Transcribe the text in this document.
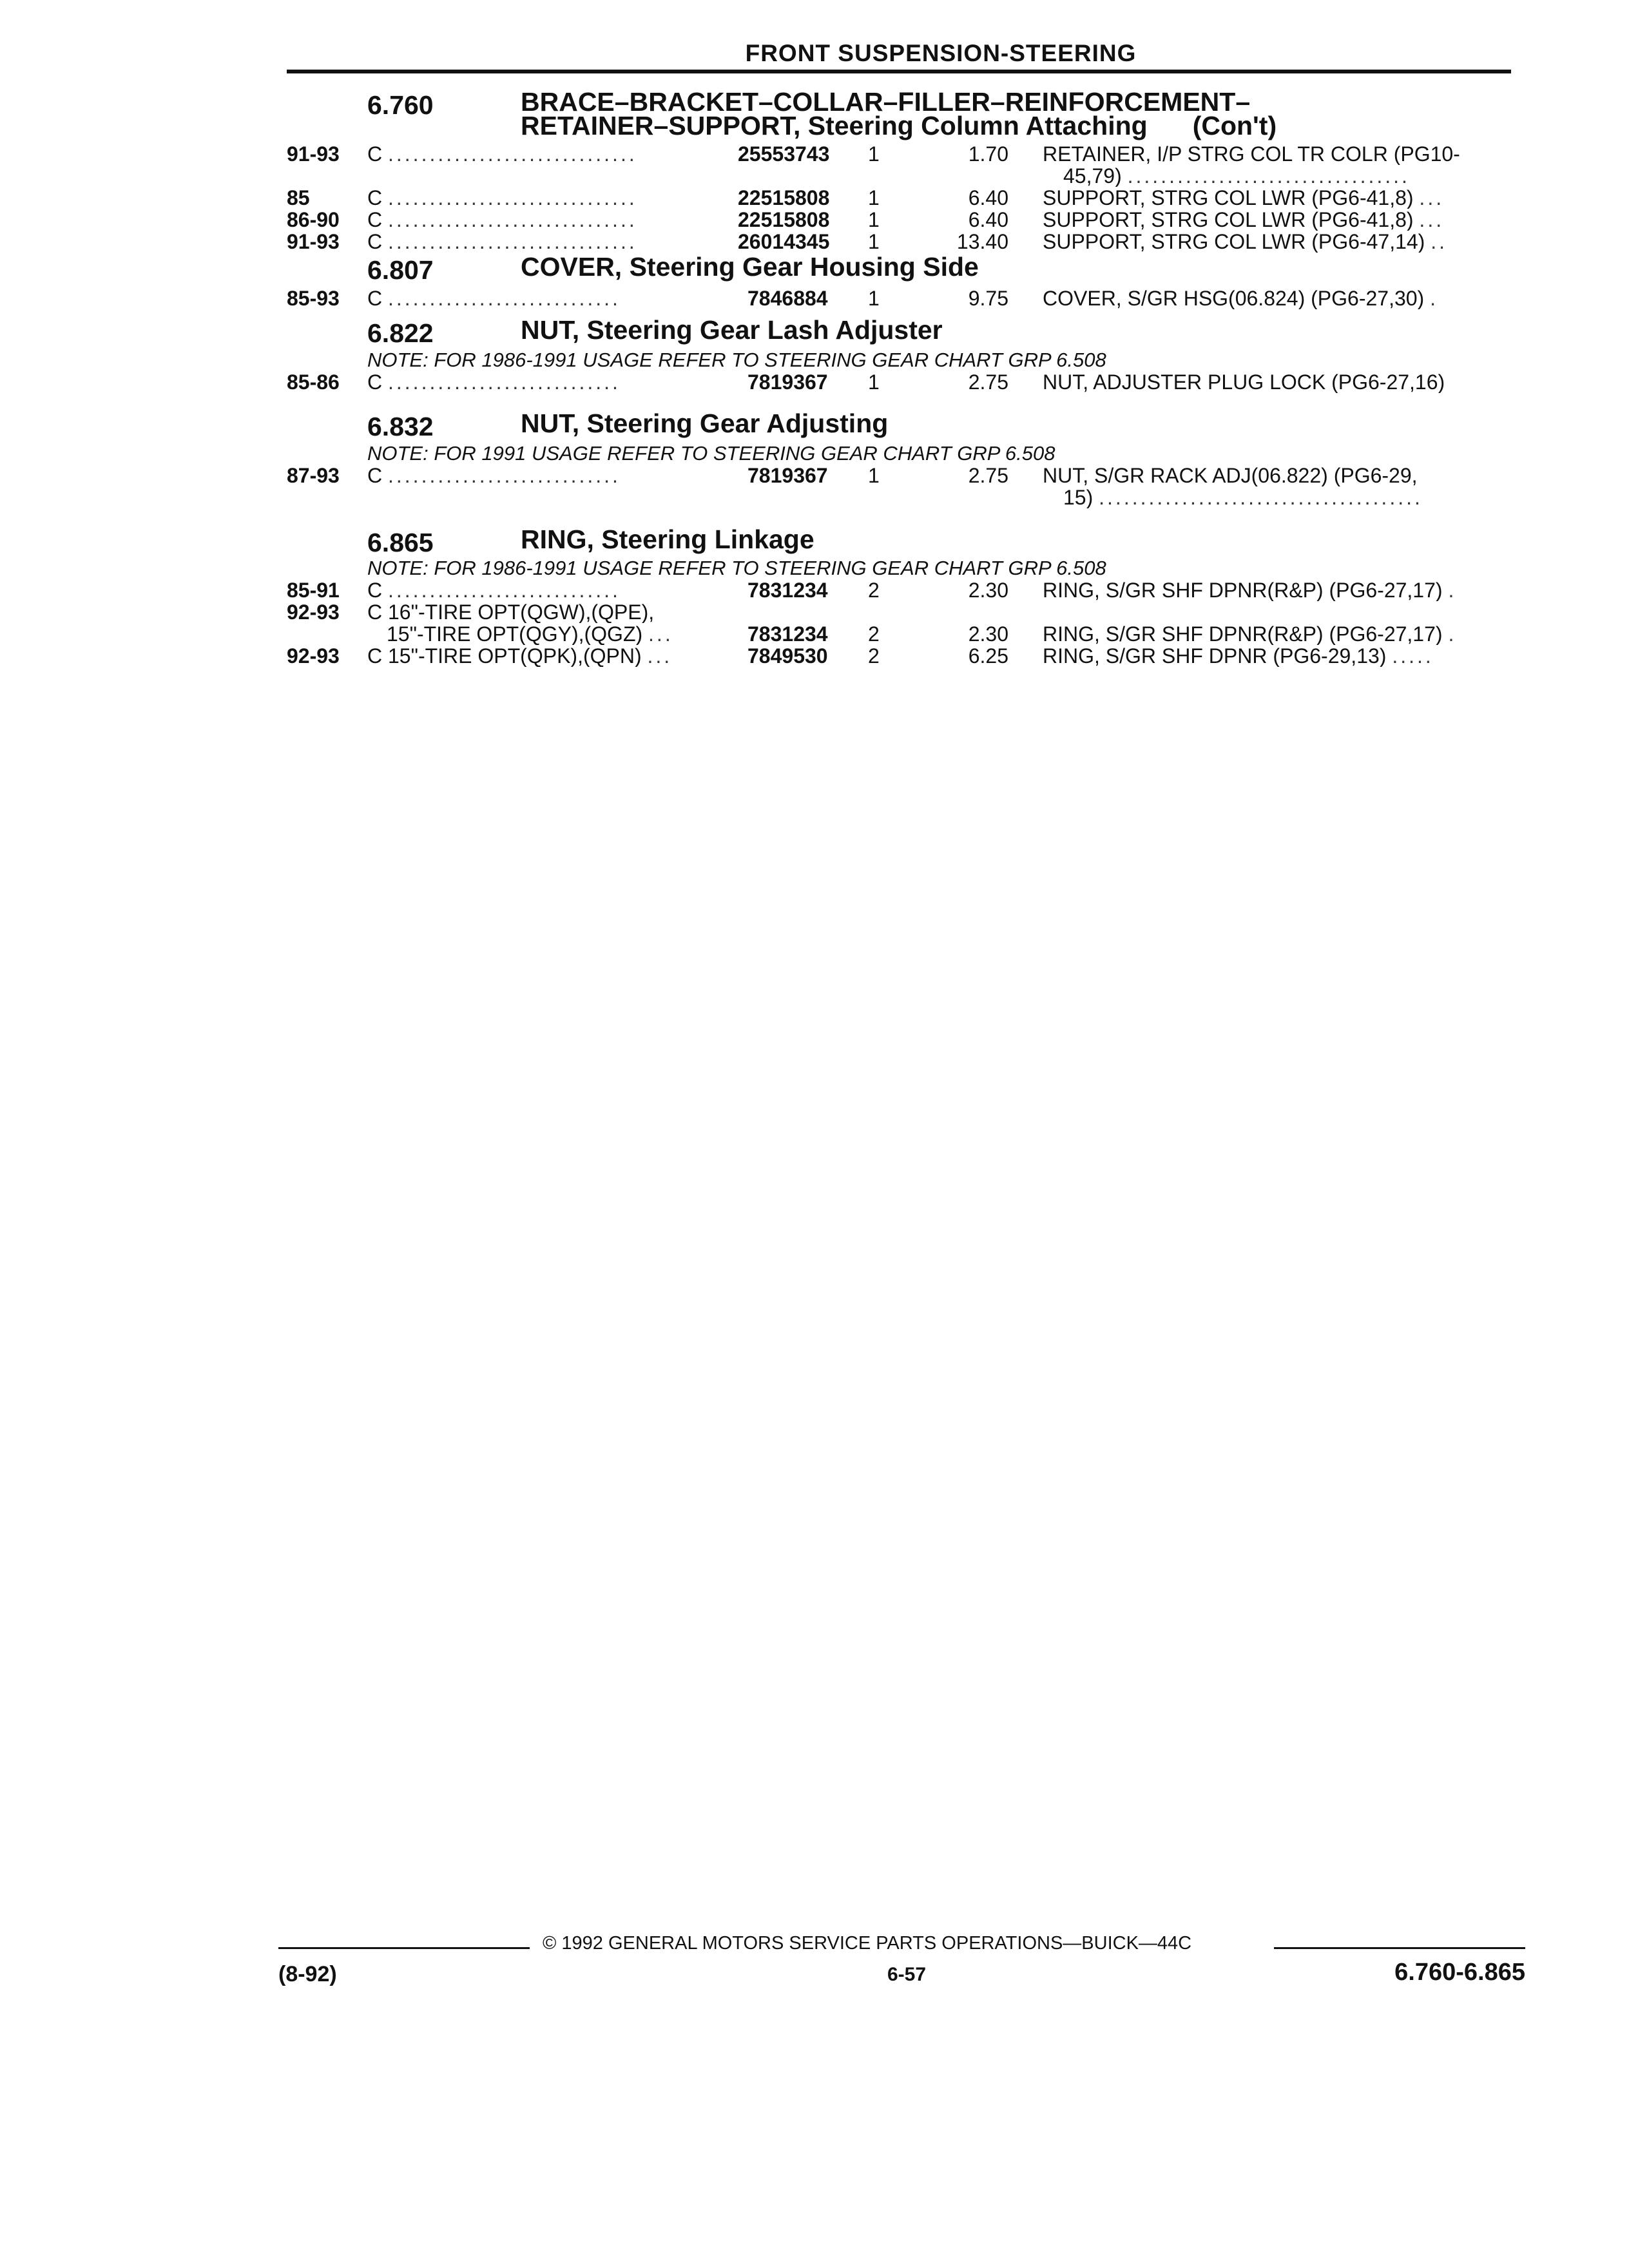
FRONT SUSPENSION-STEERING
6.760	BRACE–BRACKET–COLLAR–FILLER–REINFORCEMENT–
RETAINER–SUPPORT, Steering Column Attaching (Con't)
91-93 C ..............................	25553743 1	1.70 RETAINER, I/P STRG COL TR COLR (PG10-
45,79) ..................................
85	C ..............................	22515808 1	6.40 SUPPORT, STRG COL LWR (PG6-41,8) ...
86-90 C ..............................	22515808 1	6.40 SUPPORT, STRG COL LWR (PG6-41,8) ...
91-93 C ..............................	26014345 1	13.40 SUPPORT, STRG COL LWR (PG6-47,14) ..
6.807	COVER, Steering Gear Housing Side
85-93 C ............................	7846884	1	9.75 COVER, S/GR HSG(06.824) (PG6-27,30) .
6.822	NUT, Steering Gear Lash Adjuster
NOTE: FOR 1986-1991 USAGE REFER TO STEERING GEAR CHART GRP 6.508
85-86 C ............................	7819367	1	2.75 NUT, ADJUSTER PLUG LOCK (PG6-27,16)
6.832	NUT, Steering Gear Adjusting
NOTE: FOR 1991 USAGE REFER TO STEERING GEAR CHART GRP 6.508
87-93 C ............................	7819367	1	2.75 NUT, S/GR RACK ADJ(06.822) (PG6-29,
15) .......................................
6.865	RING, Steering Linkage
NOTE: FOR 1986-1991 USAGE REFER TO STEERING GEAR CHART GRP 6.508
85-91 C ............................	7831234	2	2.30 RING, S/GR SHF DPNR(R&P) (PG6-27,17) .
92-93 C 16"-TIRE OPT(QGW),(QPE),
15"-TIRE OPT(QGY),(QGZ) ...	7831234	2	2.30 RING, S/GR SHF DPNR(R&P) (PG6-27,17) .
92-93 C 15"-TIRE OPT(QPK),(QPN) ...	7849530	2	6.25 RING, S/GR SHF DPNR (PG6-29,13) .....
© 1992 GENERAL MOTORS SERVICE PARTS OPERATIONS—BUICK—44C
(8-92)	6-57	6.760-6.865
